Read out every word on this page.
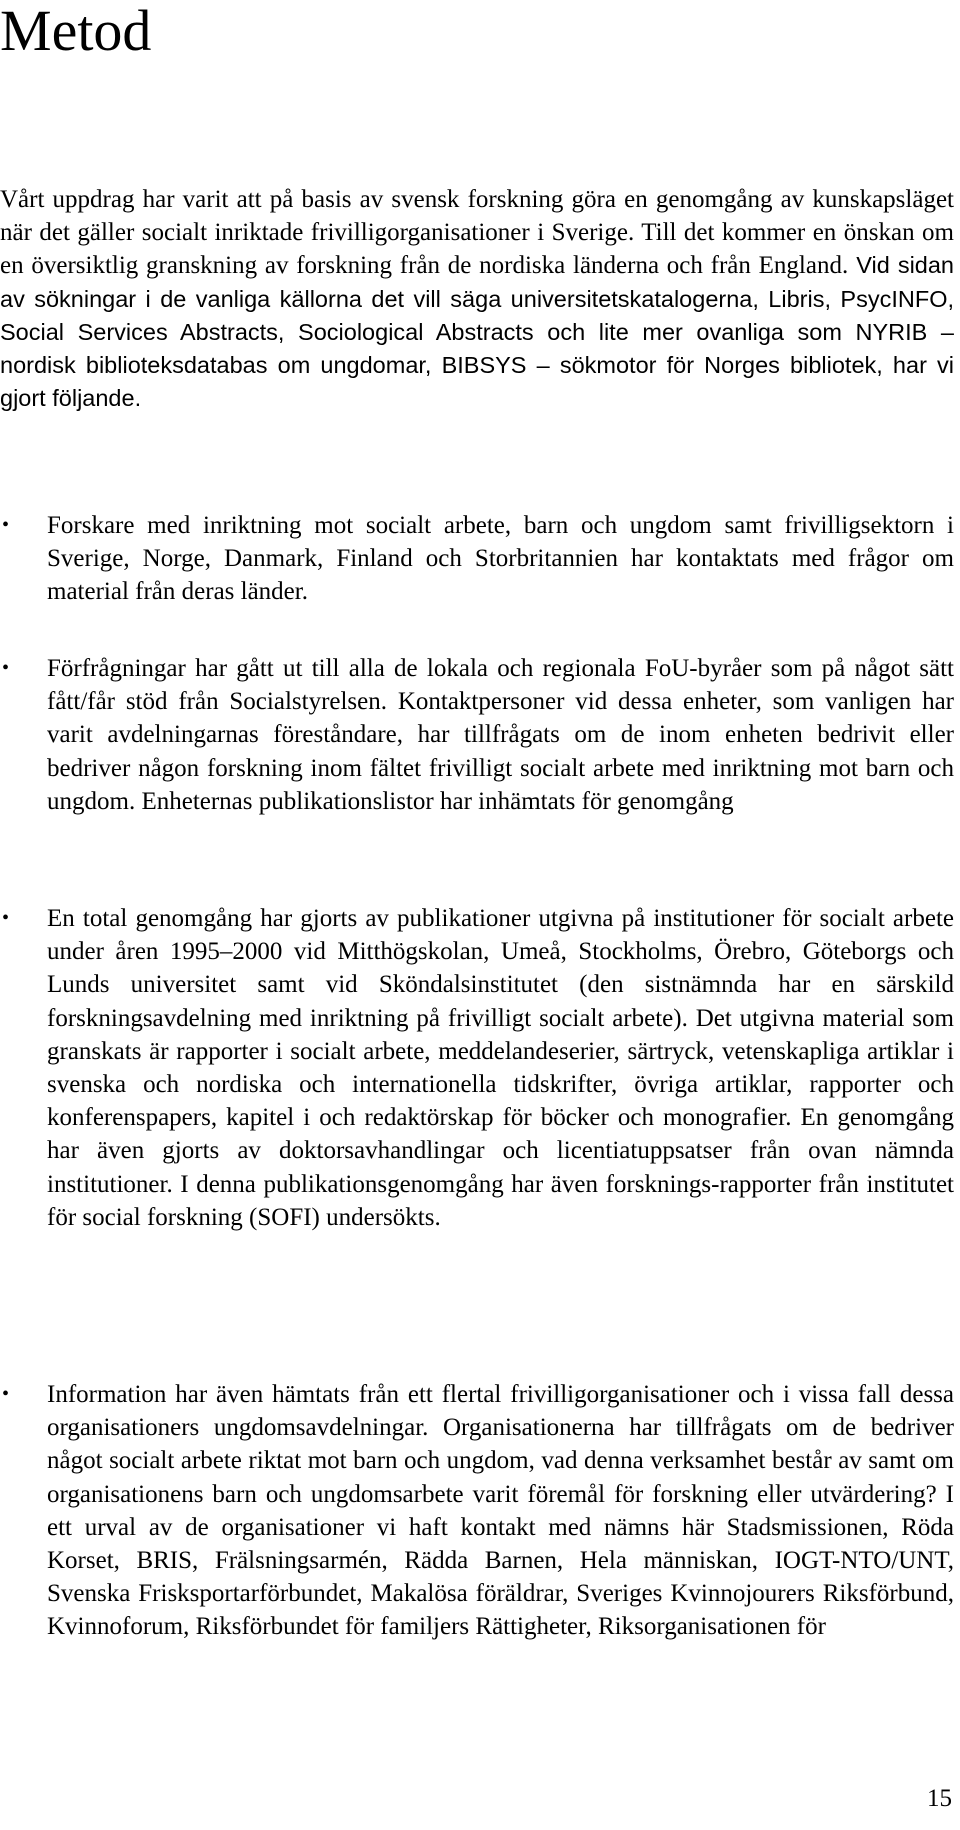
Metod

Vårt uppdrag har varit att på basis av svensk forskning göra en genomgång av kunskapsläget när det gäller socialt inriktade frivilligorganisationer i Sverige. Till det kommer en önskan om en översiktlig granskning av forskning från de nordiska länderna och från England. Vid sidan av sökningar i de vanliga källorna det vill säga universitetskatalogerna, Libris, PsycINFO, Social Services Abstracts, Sociological Abstracts och lite mer ovanliga som NYRIB – nordisk biblioteksdatabas om ungdomar, BIBSYS – sökmotor för Norges bibliotek, har vi gjort följande.

•	Forskare med inriktning mot socialt arbete, barn och ungdom samt frivilligsektorn i Sverige, Norge, Danmark, Finland och Storbritannien har kontaktats med frågor om material från deras länder.

•	Förfrågningar har gått ut till alla de lokala och regionala FoU-byråer som på något sätt fått/får stöd från Socialstyrelsen. Kontaktpersoner vid dessa enheter, som vanligen har varit avdelningarnas föreståndare, har tillfrågats om de inom enheten bedrivit eller bedriver någon forskning inom fältet frivilligt socialt arbete med inriktning mot barn och ungdom. Enheternas publikationslistor har inhämtats för genomgång

•	En total genomgång har gjorts av publikationer utgivna på institutioner för socialt arbete under åren 1995–2000 vid Mitthögskolan, Umeå, Stockholms, Örebro, Göteborgs och Lunds universitet samt vid Sköndalsinstitutet (den sistnämnda har en särskild forskningsavdelning med inriktning på frivilligt socialt arbete). Det utgivna material som granskats är rapporter i socialt arbete, meddelandeserier, särtryck, vetenskapliga artiklar i svenska och nordiska och internationella tidskrifter, övriga artiklar, rapporter och konferenspapers, kapitel i och redaktörskap för böcker och monografier. En genomgång har även gjorts av doktorsavhandlingar och licentiatuppsatser från ovan nämnda institutioner. I denna publikationsgenomgång har även forsknings-rapporter från institutet för social forskning (SOFI) undersökts.

•	Information har även hämtats från ett flertal frivilligorganisationer och i vissa fall dessa organisationers ungdomsavdelningar. Organisationerna har tillfrågats om de bedriver något socialt arbete riktat mot barn och ungdom, vad denna verksamhet består av samt om organisationens barn och ungdomsarbete varit föremål för forskning eller utvärdering? I ett urval av de organisationer vi haft kontakt med nämns här Stadsmissionen, Röda Korset, BRIS, Frälsningsarmén, Rädda Barnen, Hela människan, IOGT-NTO/UNT, Svenska Frisksportarförbundet, Makalösa föräldrar, Sveriges Kvinnojourers Riksförbund, Kvinnoforum, Riksförbundet för familjers Rättigheter, Riksorganisationen för

15
